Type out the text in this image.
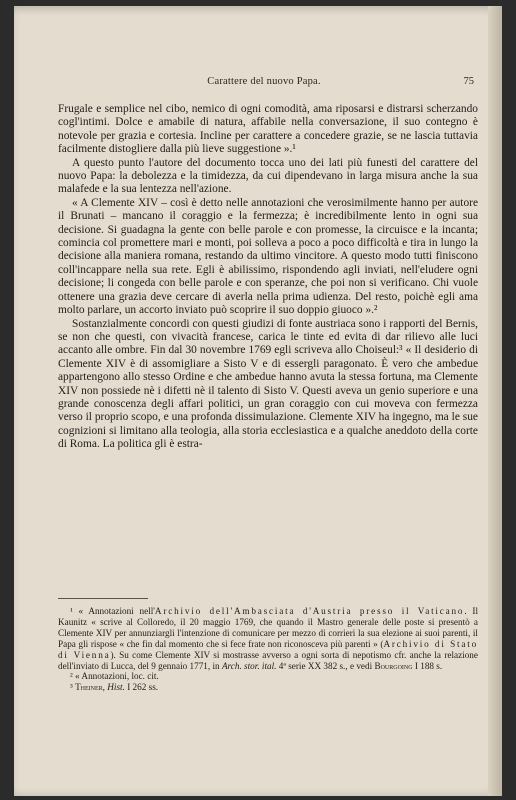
Carattere del nuovo Papa.	75

Frugale e semplice nel cibo, nemico di ogni comodità, ama riposarsi e distrarsi scherzando cogl'intimi. Dolce e amabile di natura, affabile nella conversazione, il suo contegno è notevole per grazia e cortesia. Incline per carattere a concedere grazie, se ne lascia tuttavia facilmente distogliere dalla più lieve suggestione ».¹

A questo punto l'autore del documento tocca uno dei lati più funesti del carattere del nuovo Papa: la debolezza e la timidezza, da cui dipendevano in larga misura anche la sua malafede e la sua lentezza nell'azione.

« A Clemente XIV – così è detto nelle annotazioni che verosimilmente hanno per autore il Brunati – mancano il coraggio e la fermezza; è incredibilmente lento in ogni sua decisione. Si guadagna la gente con belle parole e con promesse, la circuisce e la incanta; comincia col promettere mari e monti, poi solleva a poco a poco difficoltà e tira in lungo la decisione alla maniera romana, restando da ultimo vincitore. A questo modo tutti finiscono coll'incappare nella sua rete. Egli è abilissimo, rispondendo agli inviati, nell'eludere ogni decisione; li congeda con belle parole e con speranze, che poi non si verificano. Chi vuole ottenere una grazia deve cercare di averla nella prima udienza. Del resto, poichè egli ama molto parlare, un accorto inviato può scoprire il suo doppio giuoco ».²

Sostanzialmente concordi con questi giudizi di fonte austriaca sono i rapporti del Bernis, se non che questi, con vivacità francese, carica le tinte ed evita di dar rilievo alle luci accanto alle ombre. Fin dal 30 novembre 1769 egli scriveva allo Choiseul:³ « Il desiderio di Clemente XIV è di assomigliare a Sisto V e di essergli paragonato. È vero che ambedue appartengono allo stesso Ordine e che ambedue hanno avuta la stessa fortuna, ma Clemente XIV non possiede nè i difetti nè il talento di Sisto V. Questi aveva un genio superiore e una grande conoscenza degli affari politici, un gran coraggio con cui moveva con fermezza verso il proprio scopo, e una profonda dissimulazione. Clemente XIV ha ingegno, ma le sue cognizioni si limitano alla teologia, alla storia ecclesiastica e a qualche aneddoto della corte di Roma. La politica gli è estra-

¹ « Annotazioni nell'Archivio dell'Ambasciata d'Austria presso il Vaticano. Il Kaunitz « scrive al Colloredo, il 20 maggio 1769, che quando il Mastro generale delle poste si presentò a Clemente XIV per annunziargli l'intenzione di comunicare per mezzo di corrieri la sua elezione ai suoi parenti, il Papa gli rispose « che fin dal momento che si fece frate non riconosceva più parenti » (Archivio di Stato di Vienna). Su come Clemente XIV si mostrasse avverso a ogni sorta di nepotismo cfr. anche la relazione dell'inviato di Lucca, del 9 gennaio 1771, in Arch. stor. ital. 4ª serie XX 382 s., e vedi Bourgoing I 188 s.

² « Annotazioni, loc. cit.

³ Theiner, Hist. I 262 ss.
